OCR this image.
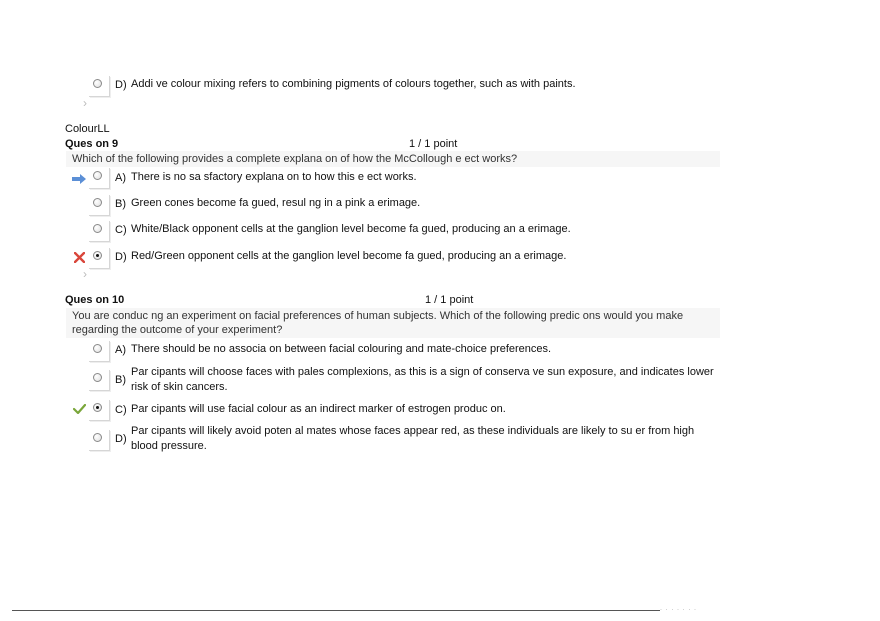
D) Addi ve colour mixing refers to combining pigments of colours together, such as with paints.
›
ColourLL
Ques on 9	1 / 1 point
Which of the following provides a complete explana on of how the McCollough e ect works?
A) There is no sa sfactory explana on to how this e ect works.
B) Green cones become fa gued, resul ng in a pink a erimage.
C) White/Black opponent cells at the ganglion level become fa gued, producing an a erimage.
D) Red/Green opponent cells at the ganglion level become fa gued, producing an a erimage.
›
Ques on 10	1 / 1 point
You are conduc ng an experiment on facial preferences of human subjects. Which of the following predic ons would you make
regarding the outcome of your experiment?
A) There should be no associa on between facial colouring and mate-choice preferences.
B)
Par cipants will choose faces with pales complexions, as this is a sign of conserva ve sun exposure, and indicates lower
risk of skin cancers.
C) Par cipants will use facial colour as an indirect marker of estrogen produc on.
D)
Par cipants will likely avoid poten al mates whose faces appear red, as these individuals are likely to su er from high
blood pressure.
· · · · · · ·
